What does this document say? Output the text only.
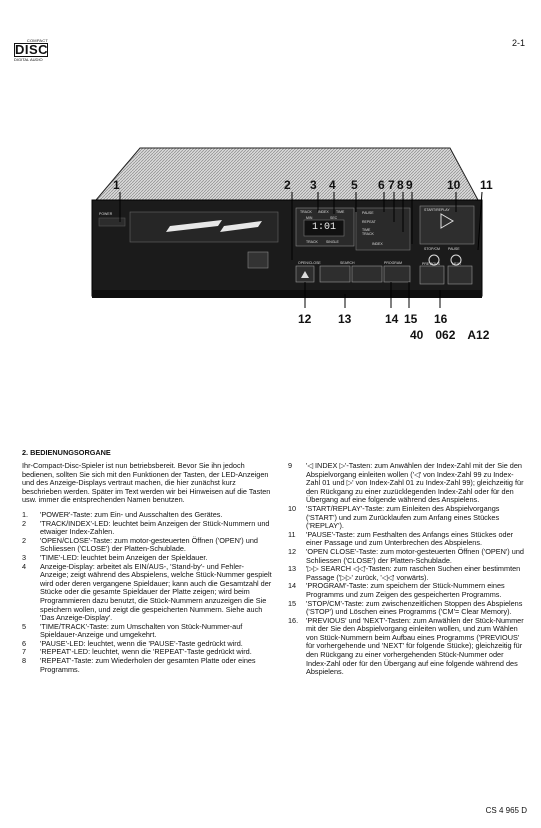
COMPACT
DISC
DIGITAL AUDIO
2-1
1	2 3 4 5 6 7 8 9	10 11
12 13	14 15 16
40 062 A12
POWER	TRACK INDEX TIME
MIN	SEC
1:01
TRACK SINGLE
PAUSE
REPEAT
TIME TRACK
INDEX
START/REPLAY
STOP/CM PAUSE
PREVIOUS	NEXT
OPEN/CLOSE	SEARCH	PROGRAM
2. BEDIENUNGSORGANE

Ihr-Compact-Disc-Spieler ist nun betriebsbereit. Bevor Sie ihn jedoch bedienen, sollten Sie sich mit den Funktionen der Tasten, der LED-Anzeigen und des Anzeige-Displays vertraut machen, die hier zunächst kurz beschrieben werden. Später im Text werden wir bei Hinweisen auf die Tasten usw. immer die entsprechenden Namen benutzen.

1.	'POWER'-Taste: zum Ein- und Ausschalten des Gerätes.
2	'TRACK/INDEX'-LED: leuchtet beim Anzeigen der Stück-Nummern und etwaiger Index-Zahlen.
2	'OPEN/CLOSE'-Taste: zum motor-gesteuerten Öffnen ('OPEN') und Schliessen ('CLOSE') der Platten-Schublade.
3	'TIME'-LED: leuchtet beim Anzeigen der Spieldauer.
4	Anzeige-Display: arbeitet als EIN/AUS-, 'Stand-by'- und Fehler-Anzeige; zeigt während des Abspielens, welche Stück-Nummer gespielt wird oder deren vergangene Spieldauer; kann auch die Gesamtzahl der Stücke oder die gesamte Spieldauer der Platte zeigen; wird beim Programmieren dazu benutzt, die Stück-Nummern anzuzeigen die Sie speichern wollen, und zeigt die gespeicherten Nummern. Siehe auch 'Das Anzeige-Display'.
5	'TIME/TRACK'-Taste: zum Umschalten von Stück-Nummer-auf Spieldauer-Anzeige und umgekehrt.
6	'PAUSE'-LED: leuchtet, wenn die 'PAUSE'-Taste gedrückt wird.
7	'REPEAT'-LED: leuchtet, wenn die 'REPEAT'-Taste gedrückt wird.
8	'REPEAT'-Taste: zum Wiederholen der gesamten Platte oder eines Programms.
9	'◁ INDEX ▷'-Tasten: zum Anwählen der Index-Zahl mit der Sie den Abspielvorgang einleiten wollen ('◁' von Index-Zahl 99 zu Index-Zahl 01 und ▷' von Index-Zahl 01 zu Index-Zahl 99); gleichzeitig für den Rückgang zu einer zuzücklegenden Index-Zahl oder für den Übergang auf eine folgende während des Anspielens.
10	'START/REPLAY'-Taste: zum Einleiten des Abspielvorgangs ('START') und zum Zurücklaufen zum Anfang eines Stückes ('REPLAY').
11	'PAUSE'-Taste: zum Festhalten des Anfangs eines Stückes oder einer Passage und zum Unterbrechen des Abspielens.
12	'OPEN CLOSE'-Taste: zum motor-gesteuerten Öffnen ('OPEN') und Schliessen ('CLOSE') der Platten-Schublade.
13	'▷▷ SEARCH ◁◁'-Tasten: zum raschen Suchen einer bestimmten Passage ('▷▷' zurück, '◁◁' vorwärts).
14	'PROGRAM'-Taste: zum speichern der Stück-Nummern eines Programms und zum Zeigen des gespeicherten Programms.
15	'STOP/CM'-Taste: zum zwischenzeitlichen Stoppen des Abspielens ('STOP') und Löschen eines Programms ('CM'= Clear Memory).
16.	'PREVIOUS' und 'NEXT'-Tasten: zum Anwählen der Stück-Nummer mit der Sie den Abspielvorgang einleiten wollen, und zum Wählen von Stück-Nummern beim Aufbau eines Programms ('PREVIOUS' für vorhergehende und 'NEXT' für folgende Stücke); gleichzeitig für den Rückgang zu einer vorhergehenden Stück-Nummer oder Index-Zahl oder für den Übergang auf eine folgende während des Abspielens.
CS 4 965 D
